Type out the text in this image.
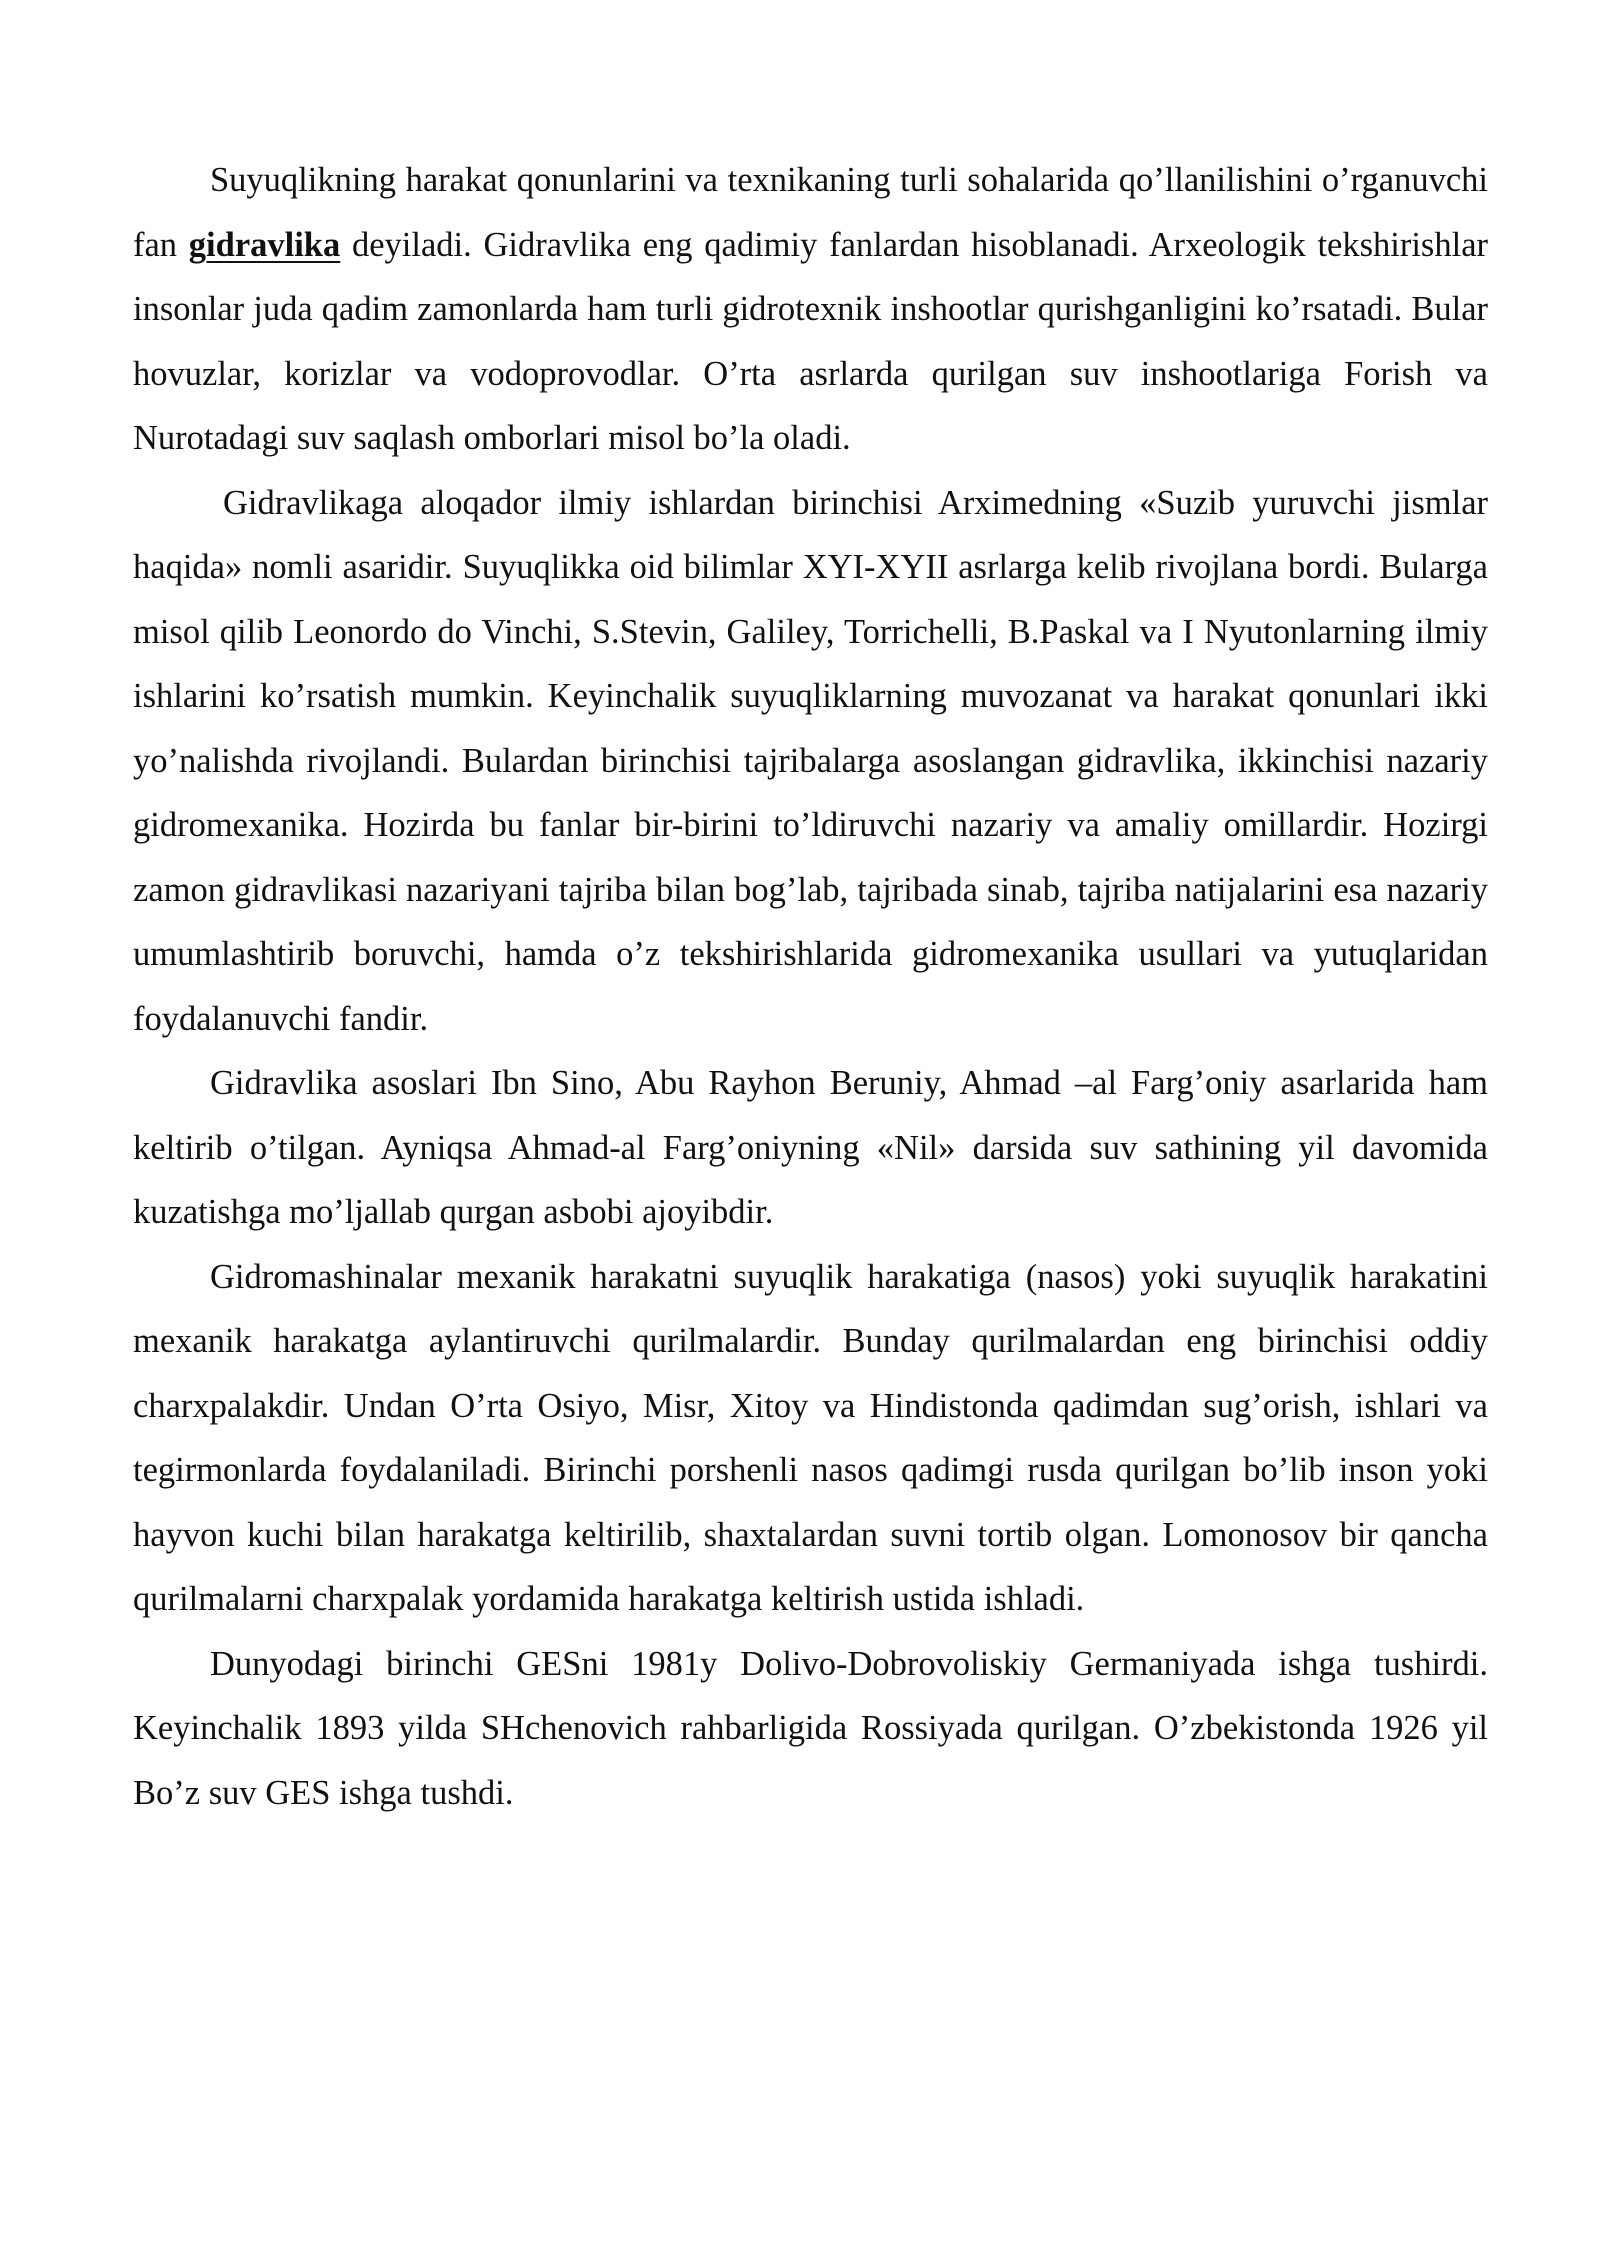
Suyuqlikning harakat qonunlarini va texnikaning turli sohalarida qo’llanilishini o’rganuvchi fan gidravlika deyiladi. Gidravlika eng qadimiy fanlardan hisoblanadi. Arxeologik tekshirishlar insonlar juda qadim zamonlarda ham turli gidrotexnik inshootlar qurishganligini ko’rsatadi. Bular hovuzlar, korizlar va vodoprovodlar. O’rta asrlarda qurilgan suv inshootlariga Forish va Nurotadagi suv saqlash omborlari misol bo’la oladi.

Gidravlikaga aloqador ilmiy ishlardan birinchisi Arximedning «Suzib yuruvchi jismlar haqida» nomli asaridir. Suyuqlikka oid bilimlar XYI-XYII asrlarga kelib rivojlana bordi. Bularga misol qilib Leonordo do Vinchi, S.Stevin, Galiley, Torrichelli, B.Paskal va I Nyutonlarning ilmiy ishlarini ko’rsatish mumkin. Keyinchalik suyuqliklarning muvozanat va harakat qonunlari ikki yo’nalishda rivojlandi. Bulardan birinchisi tajribalarga asoslangan gidravlika, ikkinchisi nazariy gidromexanika. Hozirda bu fanlar bir-birini to’ldiruvchi nazariy va amaliy omillardir. Hozirgi zamon gidravlikasi nazariyani tajriba bilan bog’lab, tajribada sinab, tajriba natijalarini esa nazariy umumlashtirib boruvchi, hamda o’z tekshirishlarida gidromexanika usullari va yutuqlaridan foydalanuvchi fandir.

Gidravlika asoslari Ibn Sino, Abu Rayhon Beruniy, Ahmad –al Farg’oniy asarlarida ham keltirib o’tilgan. Ayniqsa Ahmad-al Farg’oniyning «Nil» darsida suv sathining yil davomida kuzatishga mo’ljallab qurgan asbobi ajoyibdir.

Gidromashinalar mexanik harakatni suyuqlik harakatiga (nasos) yoki suyuqlik harakatini mexanik harakatga aylantiruvchi qurilmalardir. Bunday qurilmalardan eng birinchisi oddiy charxpalakdir. Undan O’rta Osiyo, Misr, Xitoy va Hindistonda qadimdan sug’orish, ishlari va tegirmonlarda foydalaniladi. Birinchi porshenli nasos qadimgi rusda qurilgan bo’lib inson yoki hayvon kuchi bilan harakatga keltirilib, shaxtalardan suvni tortib olgan. Lomonosov bir qancha qurilmalarni charxpalak yordamida harakatga keltirish ustida ishladi.

Dunyodagi birinchi GESni 1981y Dolivo-Dobrovoliskiy Germaniyada ishga tushirdi. Keyinchalik 1893 yilda SHchenovich rahbarligida Rossiyada qurilgan. O’zbekistonda 1926 yil Bo’z suv GES ishga tushdi.
